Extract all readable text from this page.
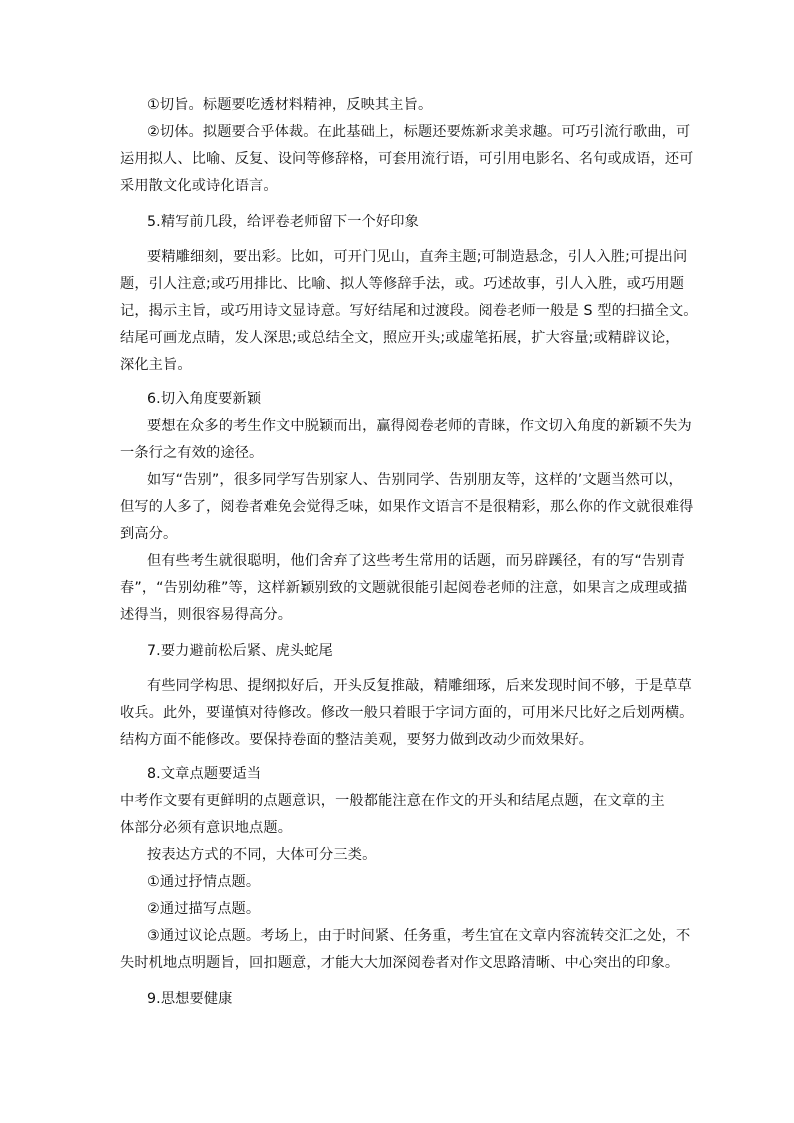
①切旨。标题要吃透材料精神，反映其主旨。
②切体。拟题要合乎体裁。在此基础上，标题还要炼新求美求趣。可巧引流行歌曲，可
运用拟人、比喻、反复、设问等修辞格，可套用流行语，可引用电影名、名句或成语，还可
采用散文化或诗化语言。
5.精写前几段，给评卷老师留下一个好印象
要精雕细刻，要出彩。比如，可开门见山，直奔主题;可制造悬念，引人入胜;可提出问
题，引人注意;或巧用排比、比喻、拟人等修辞手法，或。巧述故事，引人入胜，或巧用题
记，揭示主旨，或巧用诗文显诗意。写好结尾和过渡段。阅卷老师一般是 S 型的扫描全文。
结尾可画龙点睛，发人深思;或总结全文，照应开头;或虚笔拓展，扩大容量;或精辟议论，
深化主旨。
6.切入角度要新颖
要想在众多的考生作文中脱颖而出，赢得阅卷老师的青睐，作文切入角度的新颖不失为
一条行之有效的途径。
如写“告别”，很多同学写告别家人、告别同学、告别朋友等，这样的’文题当然可以，
但写的人多了，阅卷者难免会觉得乏味，如果作文语言不是很精彩，那么你的作文就很难得
到高分。
但有些考生就很聪明，他们舍弃了这些考生常用的话题，而另辟蹊径，有的写“告别青
春”，“告别幼稚”等，这样新颖别致的文题就很能引起阅卷老师的注意，如果言之成理或描
述得当，则很容易得高分。
7.要力避前松后紧、虎头蛇尾
有些同学构思、提纲拟好后，开头反复推敲，精雕细琢，后来发现时间不够，于是草草
收兵。此外，要谨慎对待修改。修改一般只着眼于字词方面的，可用米尺比好之后划两横。
结构方面不能修改。要保持卷面的整洁美观，要努力做到改动少而效果好。
8.文章点题要适当
中考作文要有更鲜明的点题意识，一般都能注意在作文的开头和结尾点题，在文章的主
体部分必须有意识地点题。
按表达方式的不同，大体可分三类。
①通过抒情点题。
②通过描写点题。
③通过议论点题。考场上，由于时间紧、任务重，考生宜在文章内容流转交汇之处，不
失时机地点明题旨，回扣题意，才能大大加深阅卷者对作文思路清晰、中心突出的印象。
9.思想要健康
